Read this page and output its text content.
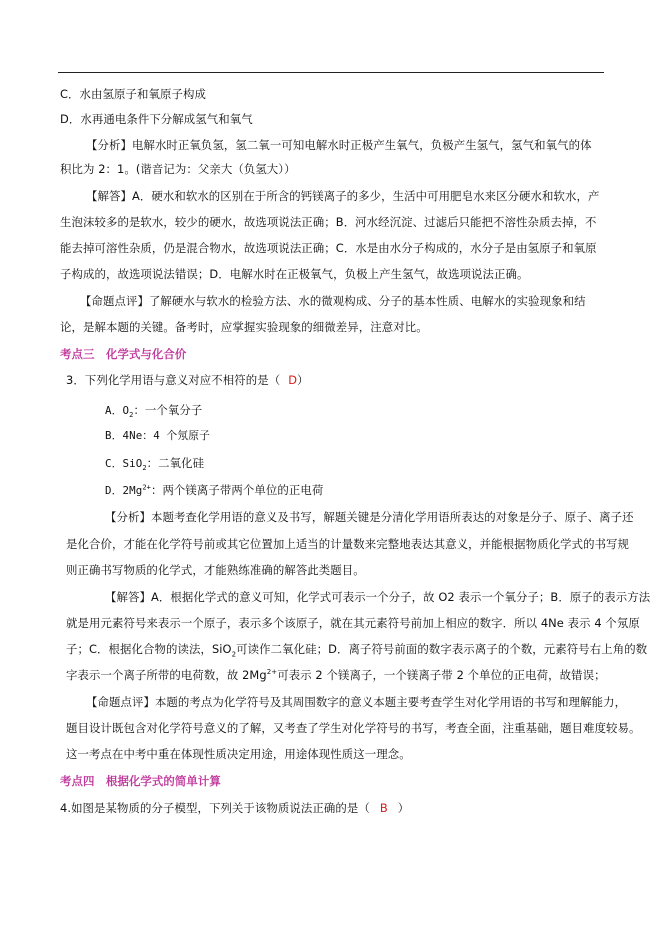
C．水由氢原子和氧原子构成
D．水再通电条件下分解成氢气和氧气
【分析】电解水时正氧负氢，氢二氧一可知电解水时正极产生氧气，负极产生氢气，氢气和氧气的体
积比为 2：1。(谐音记为：父亲大（负氢大））
【解答】A．硬水和软水的区别在于所含的钙镁离子的多少，生活中可用肥皂水来区分硬水和软水，产
生泡沫较多的是软水，较少的硬水，故选项说法正确；B．河水经沉淀、过滤后只能把不溶性杂质去掉，不
能去掉可溶性杂质，仍是混合物水，故选项说法正确；C．水是由水分子构成的，水分子是由氢原子和氧原
子构成的，故选项说法错误；D．电解水时在正极氧气，负极上产生氢气，故选项说法正确。
【命题点评】了解硬水与软水的检验方法、水的微观构成、分子的基本性质、电解水的实验现象和结
论，是解本题的关键。备考时，应掌握实验现象的细微差异，注意对比。
考点三　化学式与化合价
3．下列化学用语与意义对应不相符的是（ D）
A．$O_2$：一个氧分子
B．4Ne：4 个氖原子
C．SiO$_2$：二氧化硅
D．$2Mg^{2+}$：两个镁离子带两个单位的正电荷
【分析】本题考查化学用语的意义及书写，解题关键是分清化学用语所表达的对象是分子、原子、离子还
是化合价，才能在化学符号前或其它位置加上适当的计量数来完整地表达其意义，并能根据物质化学式的书写规
则正确书写物质的化学式，才能熟练准确的解答此类题目。
【解答】A．根据化学式的意义可知，化学式可表示一个分子，故 O2 表示一个氧分子；B．原子的表示方法
就是用元素符号来表示一个原子，表示多个该原子，就在其元素符号前加上相应的数字．所以 4Ne 表示 4 个氖原
子；C．根据化合物的读法，SiO$_2$可读作二氧化硅；D．离子符号前面的数字表示离子的个数，元素符号右上角的数
字表示一个离子所带的电荷数，故 $2Mg^{2+}$可表示 2 个镁离子，一个镁离子带 2 个单位的正电荷，故错误；
【命题点评】本题的考点为化学符号及其周围数字的意义本题主要考查学生对化学用语的书写和理解能力，
题目设计既包含对化学符号意义的了解，又考查了学生对化学符号的书写，考查全面，注重基础，题目难度较易。
这一考点在中考中重在体现性质决定用途，用途体现性质这一理念。
考点四　根据化学式的简单计算
4.如图是某物质的分子模型，下列关于该物质说法正确的是（ B ）
